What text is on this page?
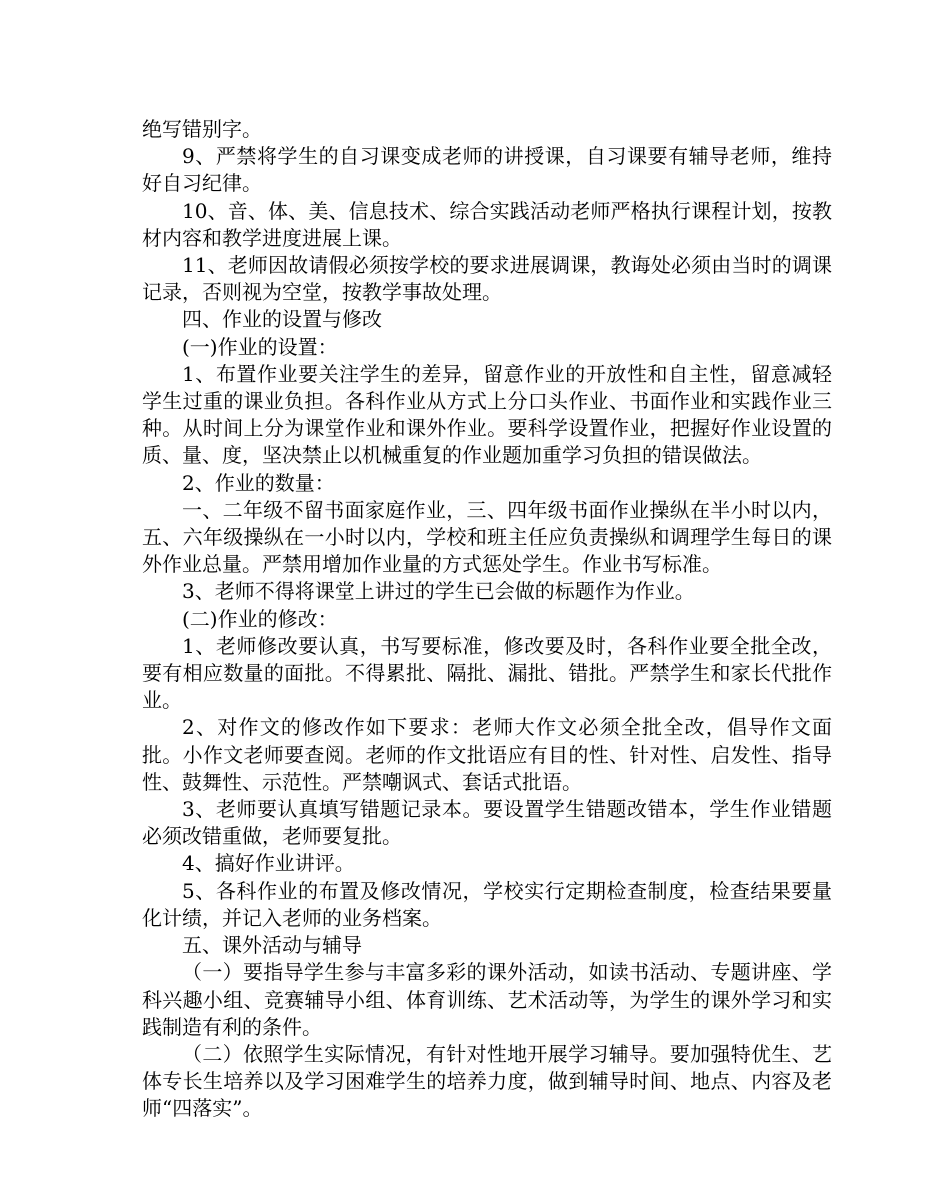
绝写错别字。

9、严禁将学生的自习课变成老师的讲授课，自习课要有辅导老师，维持好自习纪律。

10、音、体、美、信息技术、综合实践活动老师严格执行课程计划，按教材内容和教学进度进展上课。

11、老师因故请假必须按学校的要求进展调课，教诲处必须由当时的调课记录，否则视为空堂，按教学事故处理。

四、作业的设置与修改

(一)作业的设置：

1、布置作业要关注学生的差异，留意作业的开放性和自主性，留意减轻学生过重的课业负担。各科作业从方式上分口头作业、书面作业和实践作业三种。从时间上分为课堂作业和课外作业。要科学设置作业，把握好作业设置的质、量、度，坚决禁止以机械重复的作业题加重学习负担的错误做法。

2、作业的数量：

一、二年级不留书面家庭作业，三、四年级书面作业操纵在半小时以内，五、六年级操纵在一小时以内，学校和班主任应负责操纵和调理学生每日的课外作业总量。严禁用增加作业量的方式惩处学生。作业书写标准。

3、老师不得将课堂上讲过的学生已会做的标题作为作业。

(二)作业的修改：

1、老师修改要认真，书写要标准，修改要及时，各科作业要全批全改，要有相应数量的面批。不得累批、隔批、漏批、错批。严禁学生和家长代批作业。

2、对作文的修改作如下要求：老师大作文必须全批全改，倡导作文面批。小作文老师要查阅。老师的作文批语应有目的性、针对性、启发性、指导性、鼓舞性、示范性。严禁嘲讽式、套话式批语。

3、老师要认真填写错题记录本。要设置学生错题改错本，学生作业错题必须改错重做，老师要复批。

4、搞好作业讲评。

5、各科作业的布置及修改情况，学校实行定期检查制度，检查结果要量化计绩，并记入老师的业务档案。

五、课外活动与辅导

（一）要指导学生参与丰富多彩的课外活动，如读书活动、专题讲座、学科兴趣小组、竞赛辅导小组、体育训练、艺术活动等，为学生的课外学习和实践制造有利的条件。

（二）依照学生实际情况，有针对性地开展学习辅导。要加强特优生、艺体专长生培养以及学习困难学生的培养力度，做到辅导时间、地点、内容及老师“四落实”。
